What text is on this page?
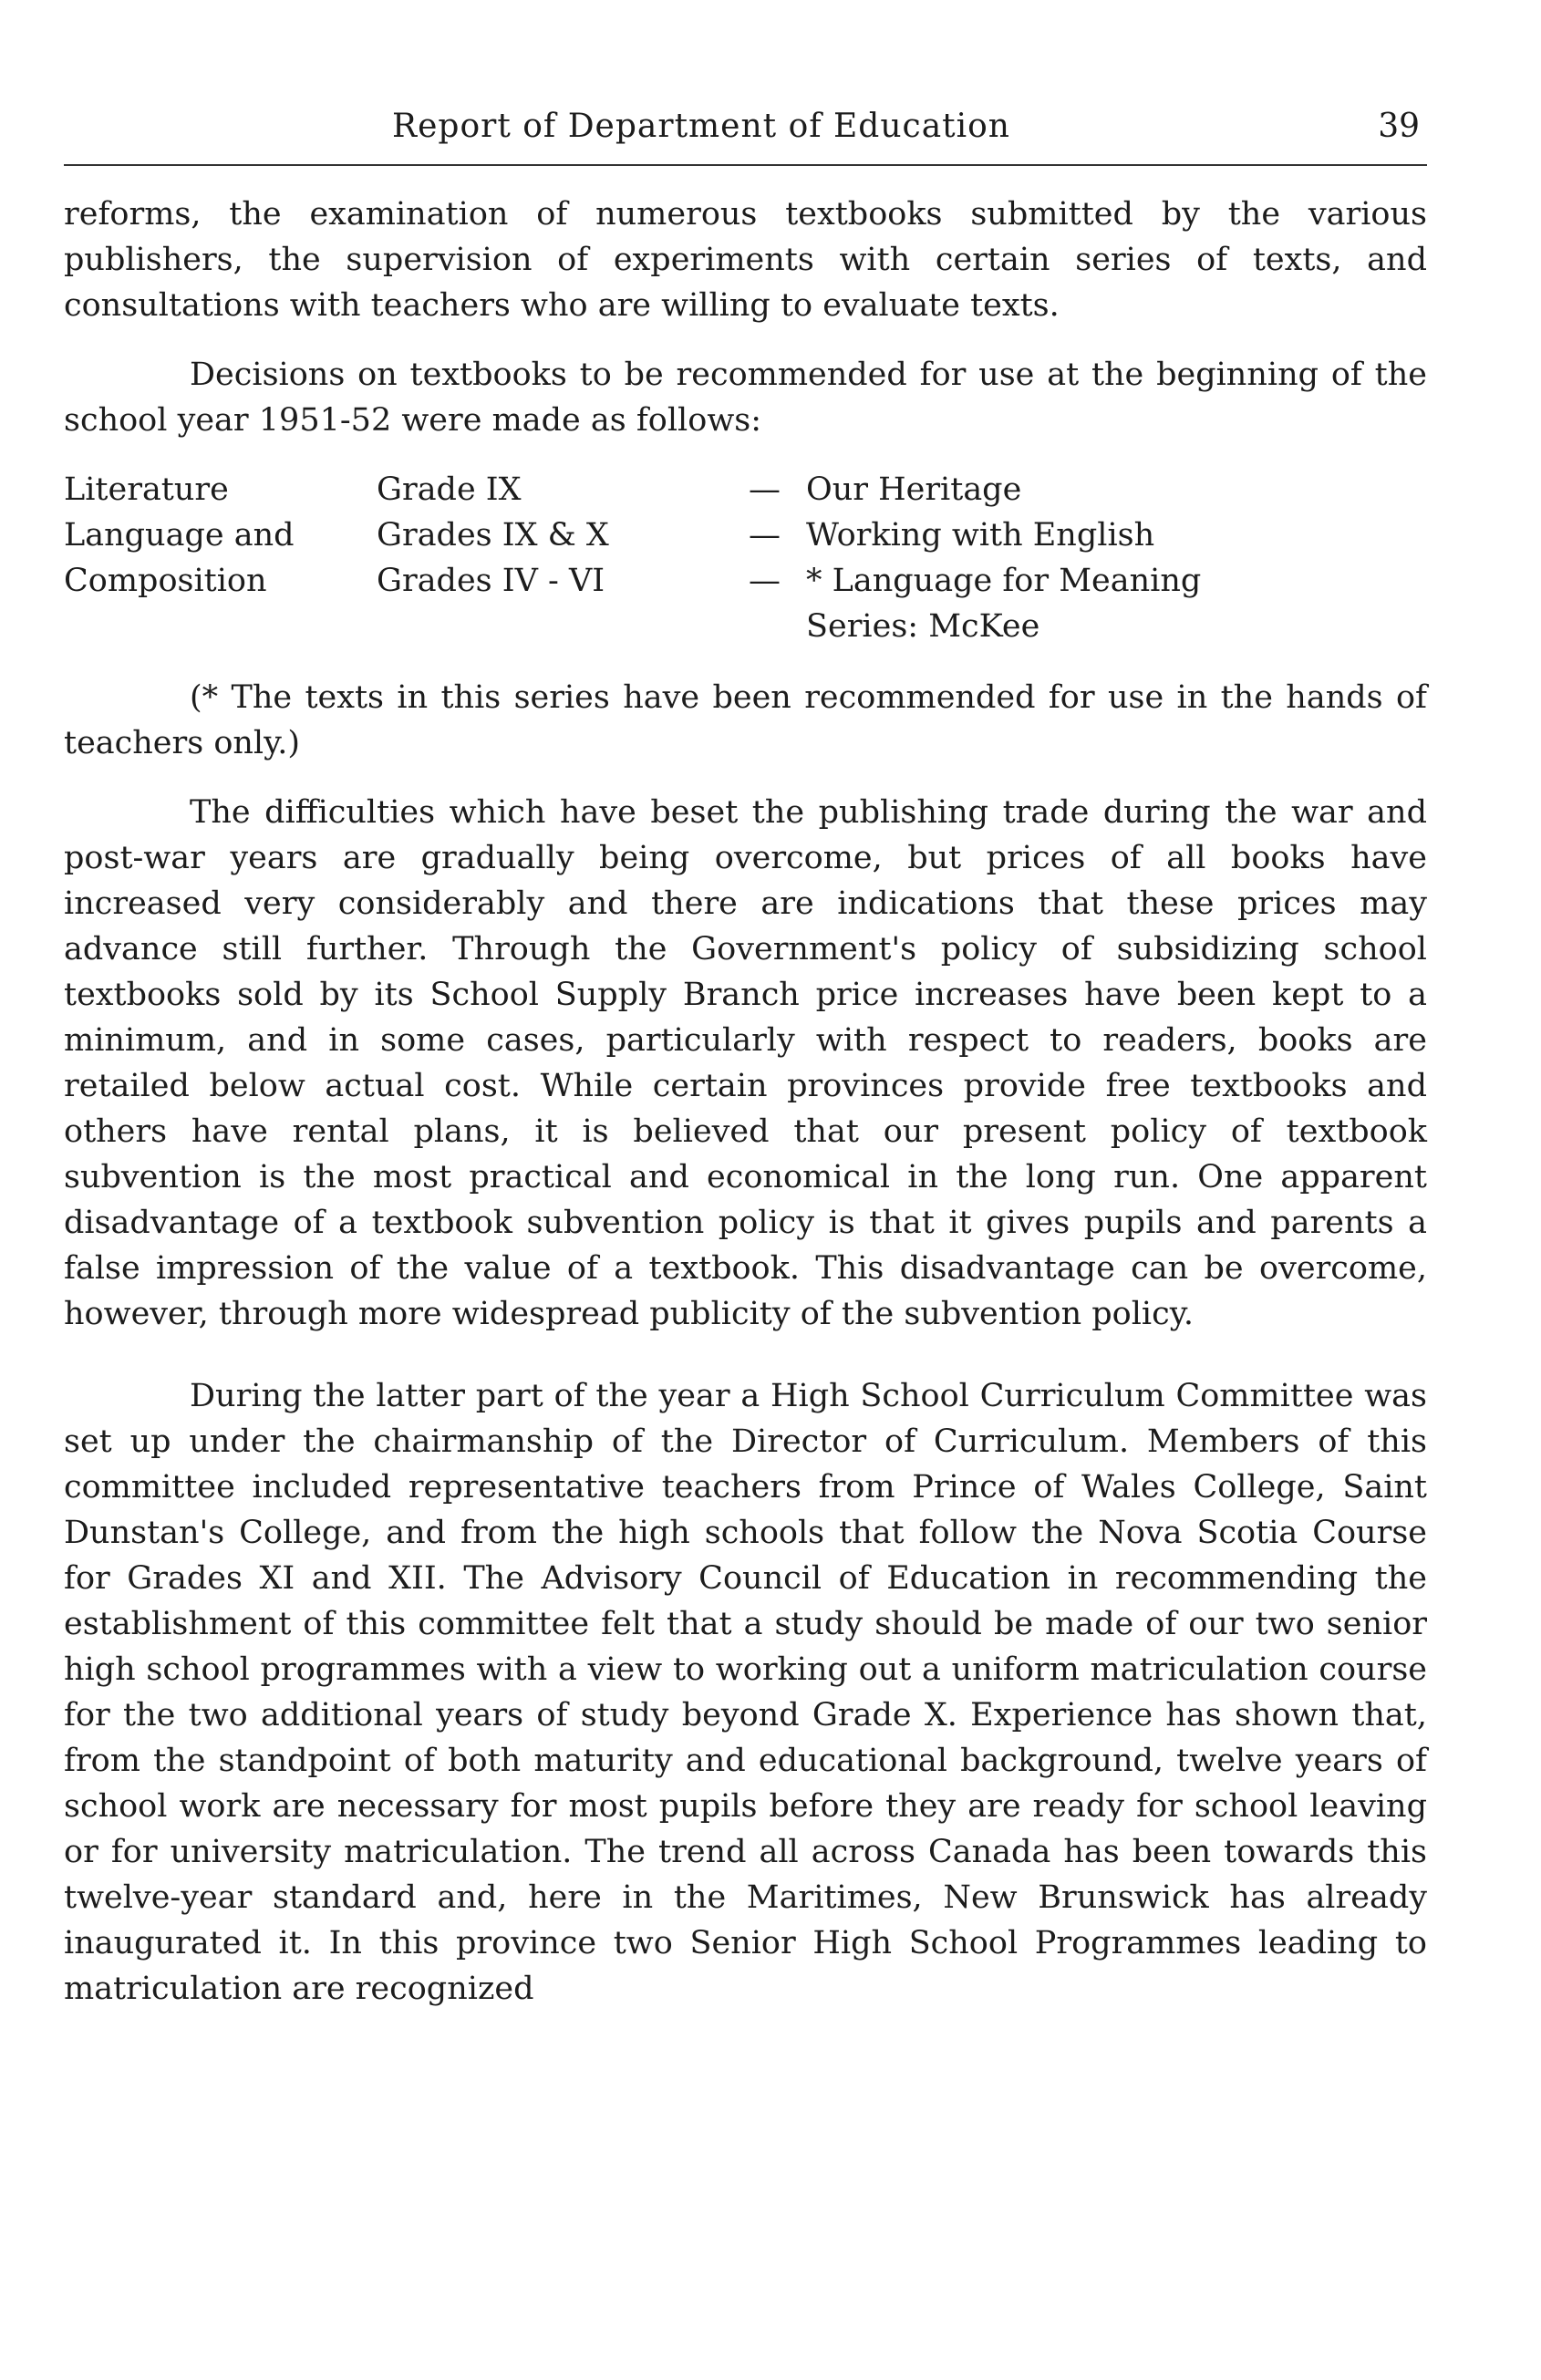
Report of Department of Education	39

reforms, the examination of numerous textbooks submitted by the various publishers, the supervision of experiments with certain series of texts, and consultations with teachers who are willing to evaluate texts.

Decisions on textbooks to be recommended for use at the beginning of the school year 1951-52 were made as follows:

Literature	Grade IX	—	Our Heritage
Language and	Grades IX & X	—	Working with English
Composition	Grades IV - VI	—	* Language for Meaning
			Series: McKee

(* The texts in this series have been recommended for use in the hands of teachers only.)

The difficulties which have beset the publishing trade during the war and post-war years are gradually being overcome, but prices of all books have increased very considerably and there are indications that these prices may advance still further. Through the Government's policy of subsidizing school textbooks sold by its School Supply Branch price increases have been kept to a minimum, and in some cases, particularly with respect to readers, books are retailed below actual cost. While certain provinces provide free textbooks and others have rental plans, it is believed that our present policy of textbook subvention is the most practical and economical in the long run. One apparent disadvantage of a textbook subvention policy is that it gives pupils and parents a false impression of the value of a textbook. This disadvantage can be overcome, however, through more widespread publicity of the subvention policy.

During the latter part of the year a High School Curriculum Committee was set up under the chairmanship of the Director of Curriculum. Members of this committee included representative teachers from Prince of Wales College, Saint Dunstan's College, and from the high schools that follow the Nova Scotia Course for Grades XI and XII. The Advisory Council of Education in recommending the establishment of this committee felt that a study should be made of our two senior high school programmes with a view to working out a uniform matriculation course for the two additional years of study beyond Grade X. Experience has shown that, from the standpoint of both maturity and educational background, twelve years of school work are necessary for most pupils before they are ready for school leaving or for university matriculation. The trend all across Canada has been towards this twelve-year standard and, here in the Maritimes, New Brunswick has already inaugurated it. In this province two Senior High School Programmes leading to matriculation are recognized
